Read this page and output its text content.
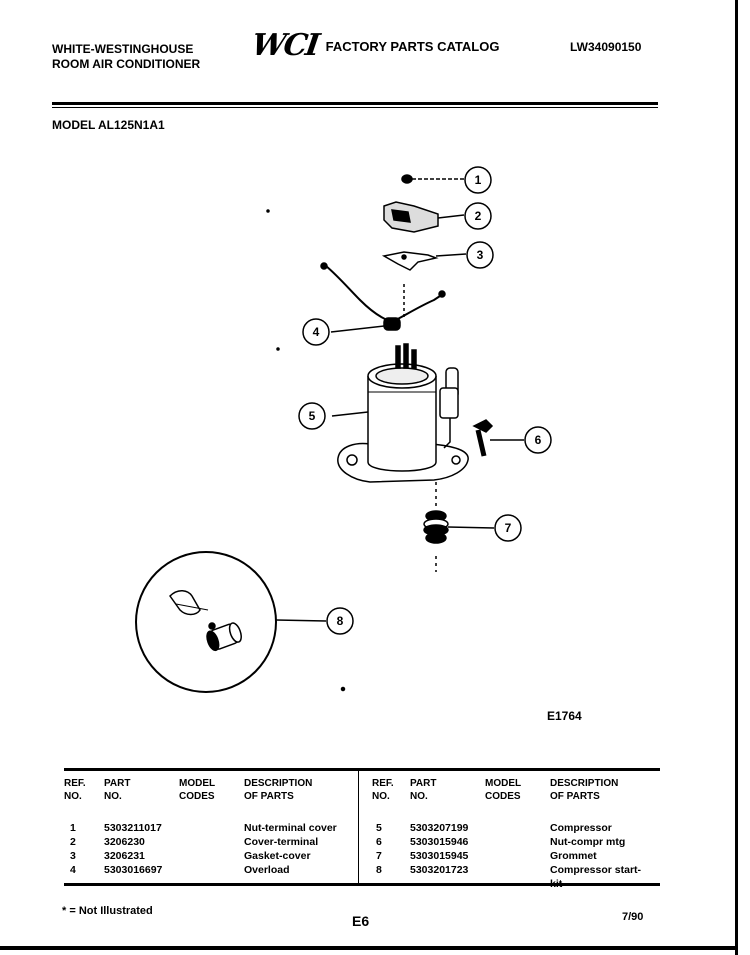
WHITE-WESTINGHOUSE
ROOM AIR CONDITIONER
WCI FACTORY PARTS CATALOG	LW34090150
MODEL AL125N1A1
1
2
3
4
5
6
7
8
E1764
REF.
NO.
PART
NO.
MODEL
CODES
DESCRIPTION
OF PARTS
REF.
NO.
PART
NO.
MODEL
CODES
DESCRIPTION
OF PARTS
1	5303211017	Nut-terminal cover
2	3206230	Cover-terminal
3	3206231	Gasket-cover
4	5303016697	Overload
5	5303207199	Compressor
6	5303015946	Nut-compr mtg
7	5303015945	Grommet
8	5303201723	Compressor start-
kit
* = Not Illustrated
E6	7/90
